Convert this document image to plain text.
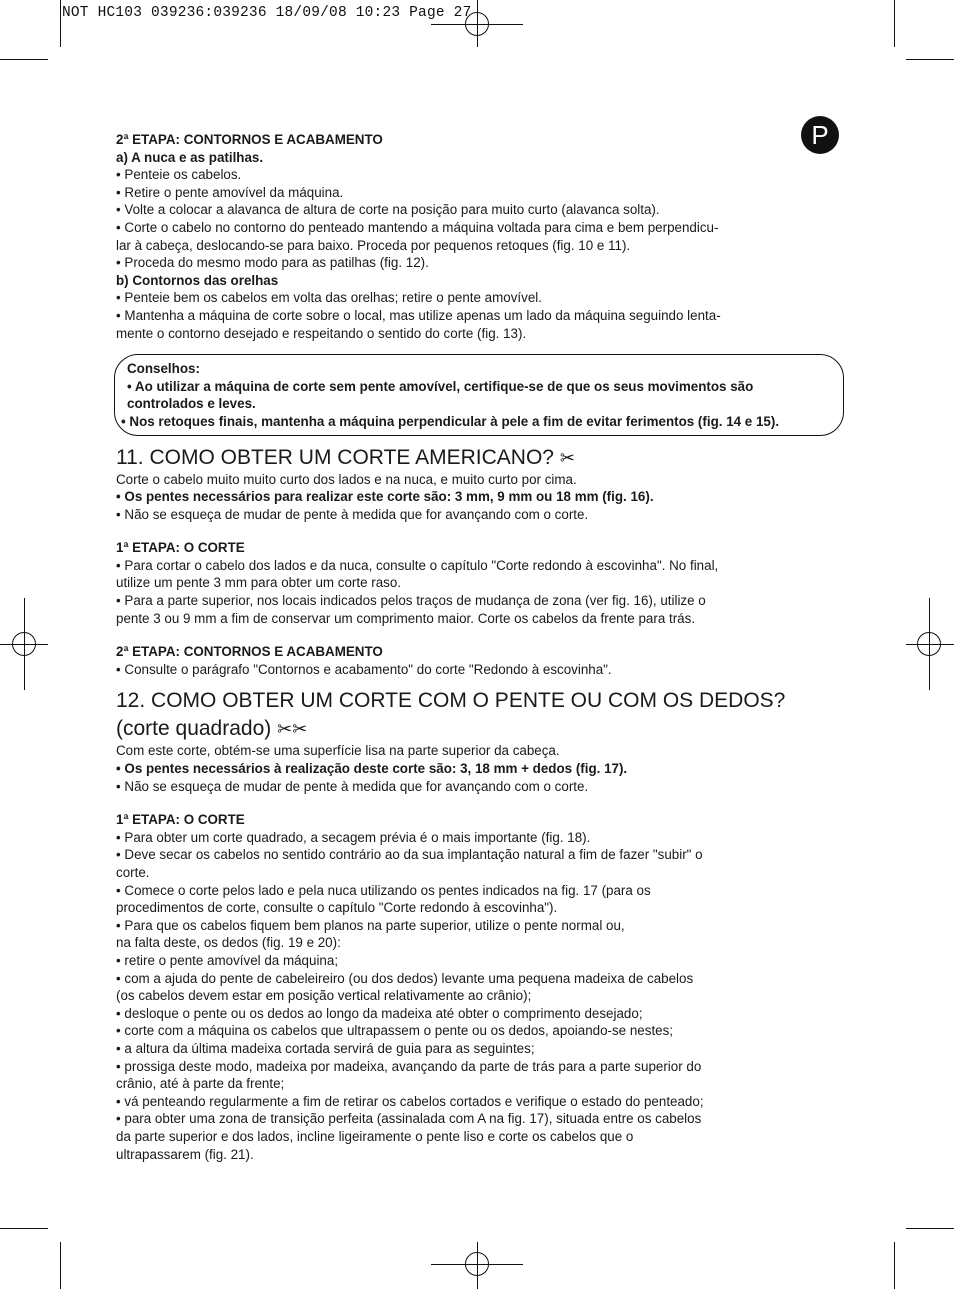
NOT HC103 039236:039236 18/09/08 10:23 Page 27
P

2ª ETAPA: CONTORNOS E ACABAMENTO

a) A nuca e as patilhas.

• Penteie os cabelos.

• Retire o pente amovível da máquina.

• Volte a colocar a alavanca de altura de corte na posição para muito curto (alavanca solta).

• Corte o cabelo no contorno do penteado mantendo a máquina voltada para cima e bem perpendicu-

lar à cabeça, deslocando-se para baixo. Proceda por pequenos retoques (fig. 10 e 11).

• Proceda do mesmo modo para as patilhas (fig. 12).

b) Contornos das orelhas

• Penteie bem os cabelos em volta das orelhas; retire o pente amovível.

• Mantenha a máquina de corte sobre o local, mas utilize apenas um lado da máquina seguindo lenta-

mente o contorno desejado e respeitando o sentido do corte (fig. 13).

Conselhos:

• Ao utilizar a máquina de corte sem pente amovível, certifique-se de que os seus movimentos são

controlados e leves.

• Nos retoques finais, mantenha a máquina perpendicular à pele a fim de evitar ferimentos (fig. 14 e 15).

11. COMO OBTER UM CORTE AMERICANO? ✂

Corte o cabelo muito muito curto dos lados e na nuca, e muito curto por cima.

• Os pentes necessários para realizar este corte são: 3 mm, 9 mm ou 18 mm (fig. 16).

• Não se esqueça de mudar de pente à medida que for avançando com o corte.

1ª ETAPA: O CORTE

• Para cortar o cabelo dos lados e da nuca, consulte o capítulo "Corte redondo à escovinha". No final,

utilize um pente 3 mm para obter um corte raso.

• Para a parte superior, nos locais indicados pelos traços de mudança de zona (ver fig. 16), utilize o

pente 3 ou 9 mm a fim de conservar um comprimento maior. Corte os cabelos da frente para trás.

2ª ETAPA: CONTORNOS E ACABAMENTO

• Consulte o parágrafo "Contornos e acabamento" do corte "Redondo à escovinha".

12. COMO OBTER UM CORTE COM O PENTE OU COM OS DEDOS?
(corte quadrado) ✂✂

Com este corte, obtém-se uma superfície lisa na parte superior da cabeça.

• Os pentes necessários à realização deste corte são: 3, 18 mm + dedos (fig. 17).

• Não se esqueça de mudar de pente à medida que for avançando com o corte.

1ª ETAPA: O CORTE

• Para obter um corte quadrado, a secagem prévia é o mais importante (fig. 18).

• Deve secar os cabelos no sentido contrário ao da sua implantação natural a fim de fazer "subir" o

corte.

• Comece o corte pelos lado e pela nuca utilizando os pentes indicados na fig. 17 (para os

procedimentos de corte, consulte o capítulo "Corte redondo à escovinha").

• Para que os cabelos fiquem bem planos na parte superior, utilize o pente normal ou,

na falta deste, os dedos (fig. 19 e 20):

• retire o pente amovível da máquina;

• com a ajuda do pente de cabeleireiro (ou dos dedos) levante uma pequena madeixa de cabelos

(os cabelos devem estar em posição vertical relativamente ao crânio);

• desloque o pente ou os dedos ao longo da madeixa até obter o comprimento desejado;

• corte com a máquina os cabelos que ultrapassem o pente ou os dedos, apoiando-se nestes;

• a altura da última madeixa cortada servirá de guia para as seguintes;

• prossiga deste modo, madeixa por madeixa, avançando da parte de trás para a parte superior do

crânio, até à parte da frente;

• vá penteando regularmente a fim de retirar os cabelos cortados e verifique o estado do penteado;

• para obter uma zona de transição perfeita (assinalada com A na fig. 17), situada entre os cabelos

da parte superior e dos lados, incline ligeiramente o pente liso e corte os cabelos que o

ultrapassarem (fig. 21).
